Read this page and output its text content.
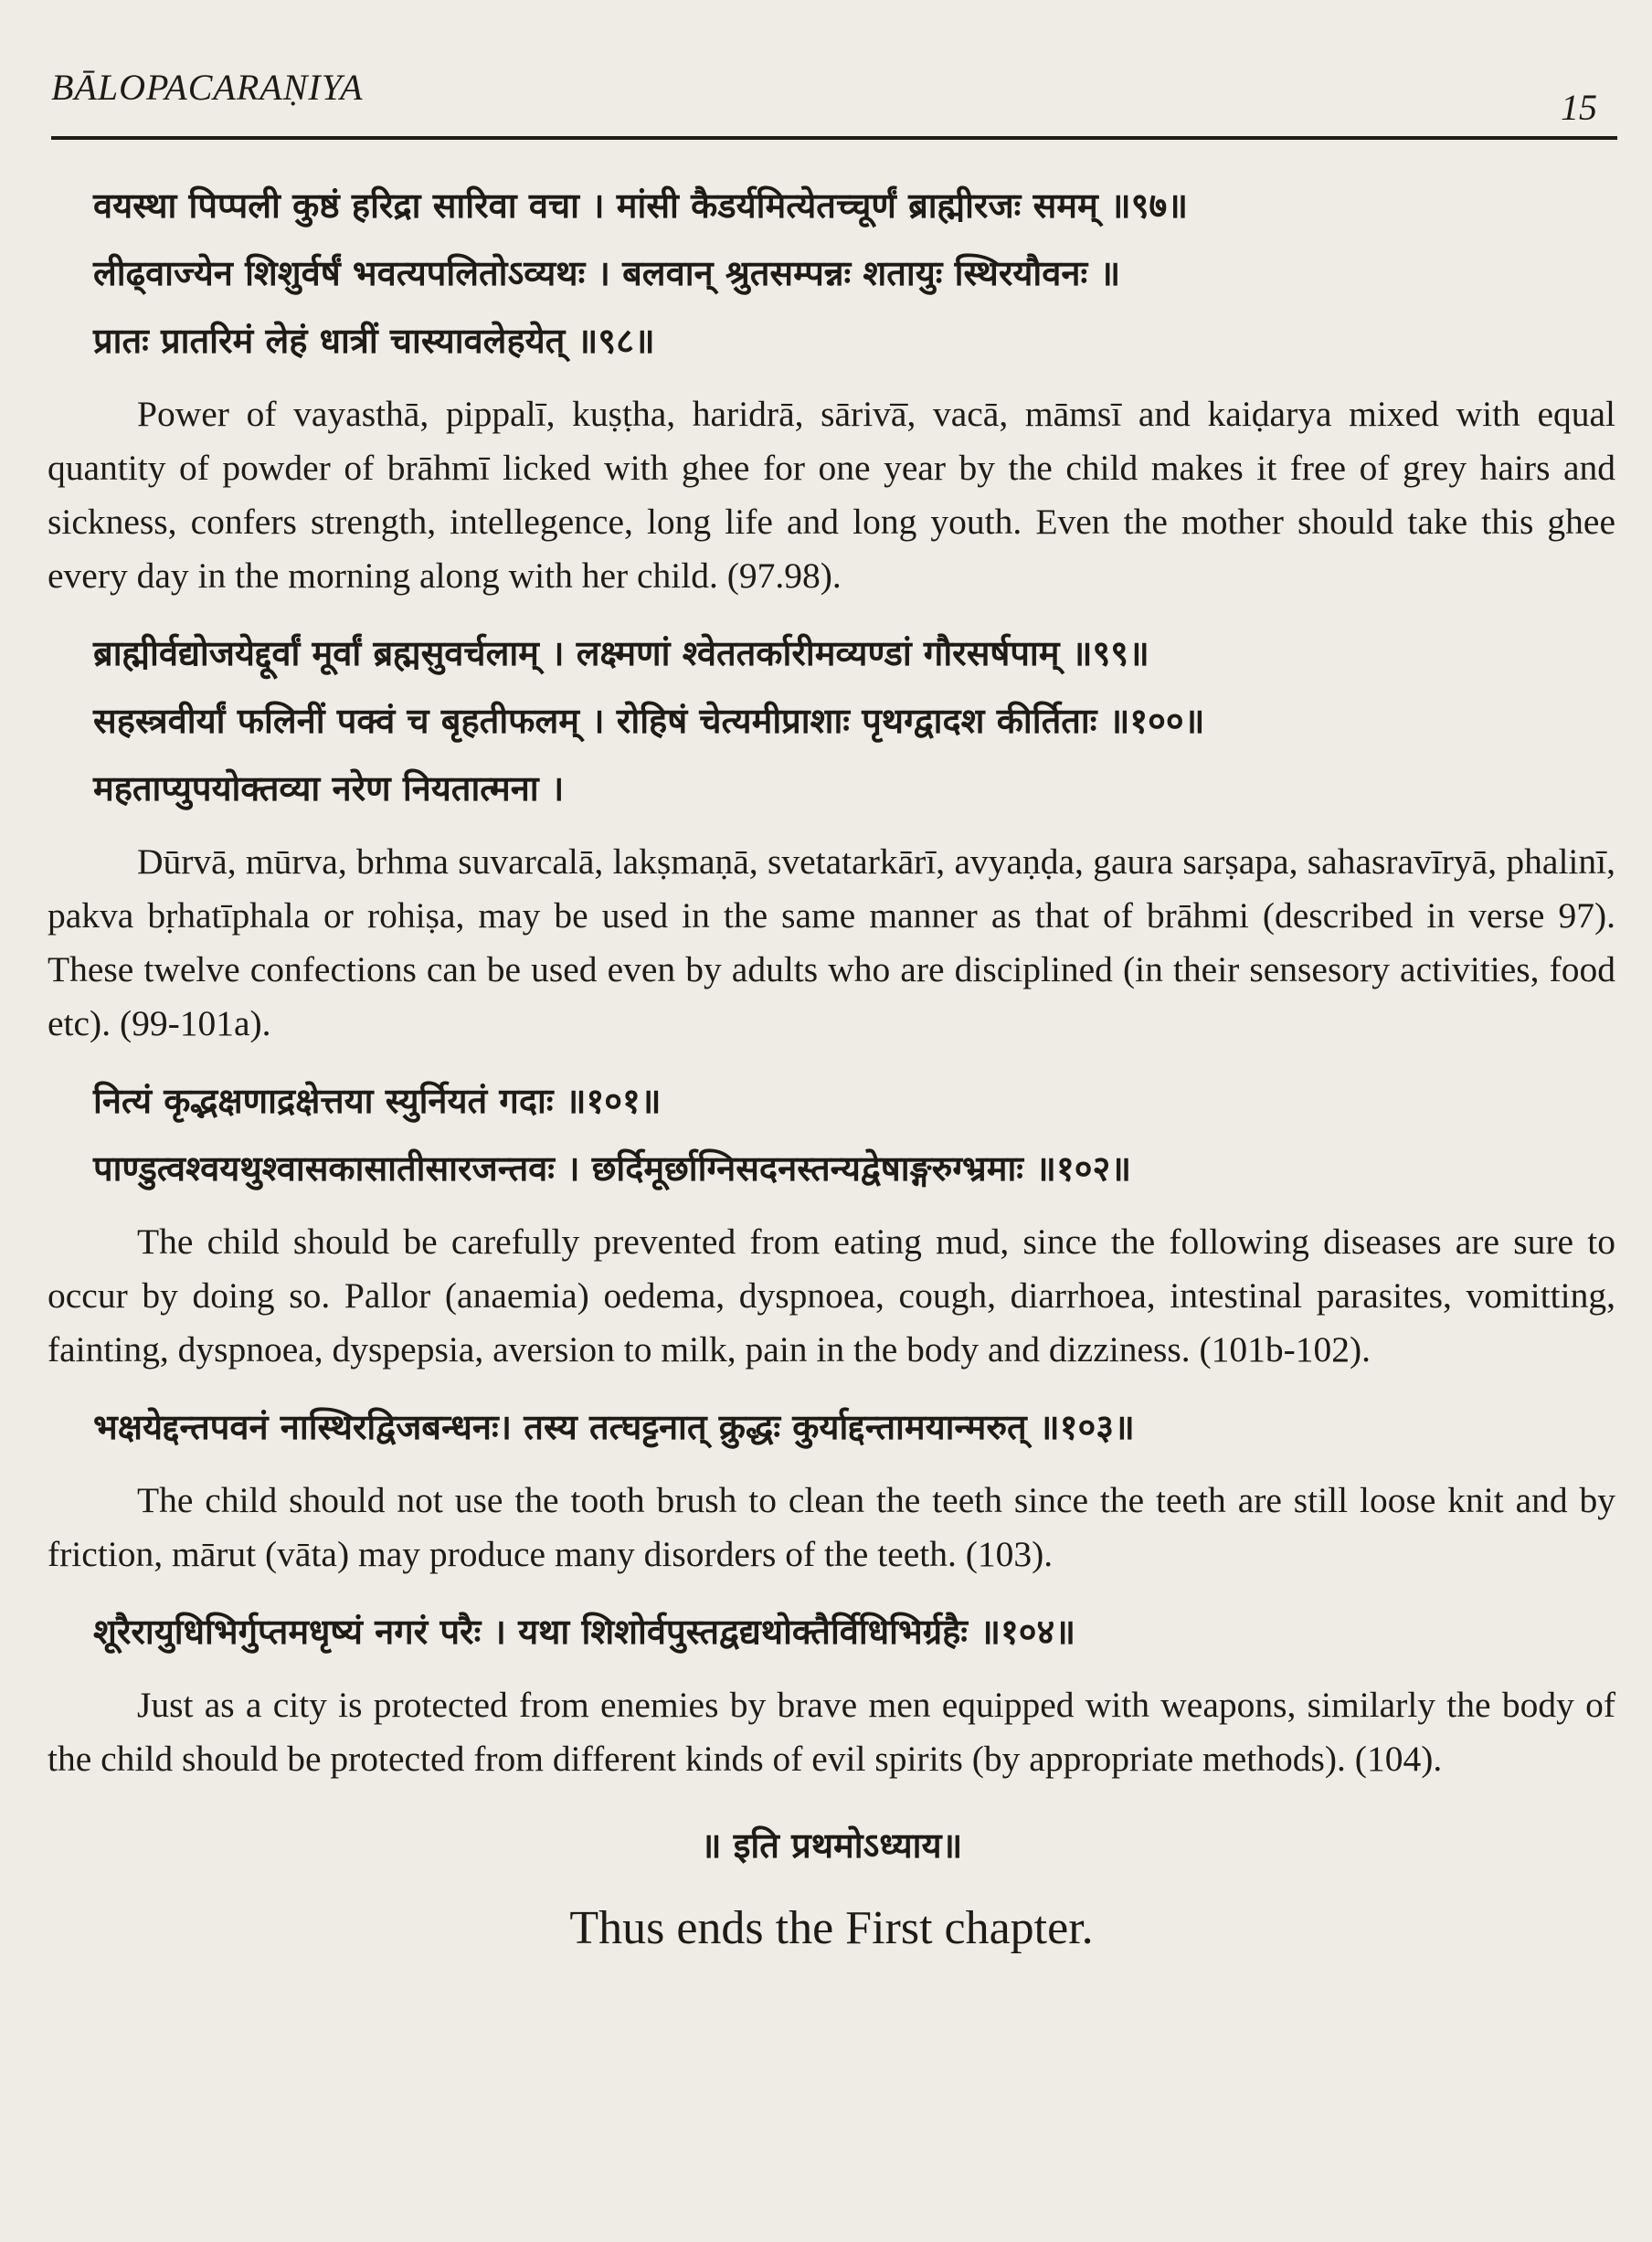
BĀLOPACARAṆIYA	15

वयस्था पिप्पली कुष्ठं हरिद्रा सारिवा वचा । मांसी कैडर्यमित्येतच्चूर्णं ब्राह्मीरजः समम् ॥९७॥

लीढ्वाज्येन शिशुर्वर्षं भवत्यपलितोऽव्यथः । बलवान् श्रुतसम्पन्नः शतायुः स्थिरयौवनः ॥

प्रातः प्रातरिमं लेहं धात्रीं चास्यावलेहयेत् ॥९८॥

Power of vayasthā, pippalī, kuṣṭha, haridrā, sāriva̅, vacā, māmsī and kaiḍarya mixed with equal quantity of powder of brāhmī licked with ghee for one year by the child makes it free of grey hairs and sickness, confers strength, intellegence, long life and long youth. Even the mother should take this ghee every day in the morning along with her child. (97.98).

ब्राह्मीर्वद्योजयेद्दूर्वां मूर्वां ब्रह्मसुवर्चलाम् । लक्ष्मणां श्वेततर्कारीमव्यण्डां गौरसर्षपाम् ॥९९॥

सहस्त्रवीर्यां फलिनीं पक्वं च बृहतीफलम् । रोहिषं चेत्यमीप्राशाः पृथग्द्वादश कीर्तिताः ॥१००॥

महताप्युपयोक्तव्या नरेण नियतात्मना ।

Dūrvā, mūrva, brhma suvarcalā, lakṣmaṇā, svetatarkārī, avyaṇḍa, gaura sarṣapa, sahasravīryā, phalinī, pakva bṛhatīphala or rohiṣa, may be used in the same manner as that of brāhmi (described in verse 97). These twelve confections can be used even by adults who are disciplined (in their sensesory activities, food etc). (99-101a).

नित्यं कृद्भक्षणाद्रक्षेत्तया स्युर्नियतं गदाः ॥१०१॥

पाण्डुत्वश्वयथुश्वासकासातीसारजन्तवः । छर्दिमूर्छाग्निसदनस्तन्यद्वेषाङ्गरुग्भ्रमाः ॥१०२॥

The child should be carefully prevented from eating mud, since the following diseases are sure to occur by doing so. Pallor (anaemia) oedema, dyspnoea, cough, diarrhoea, intestinal parasites, vomitting, fainting, dyspnoea, dyspepsia, aversion to milk, pain in the body and dizziness. (101b-102).

भक्षयेद्दन्तपवनं नास्थिरद्विजबन्धनः। तस्य तत्घट्टनात् क्रुद्धः कुर्याद्दन्तामयान्मरुत् ॥१०३॥

The child should not use the tooth brush to clean the teeth since the teeth are still loose knit and by friction, mārut (vāta) may produce many disorders of the teeth. (103).

शूरैरायुधिभिर्गुप्तमधृष्यं नगरं परैः । यथा शिशोर्वपुस्तद्वद्यथोक्तैर्विधिभिर्ग्रहैः ॥१०४॥

Just as a city is protected from enemies by brave men equipped with weapons, similarly the body of the child should be protected from different kinds of evil spirits (by appropriate methods). (104).

॥ इति प्रथमोऽध्याय॥
Thus ends the First chapter.
